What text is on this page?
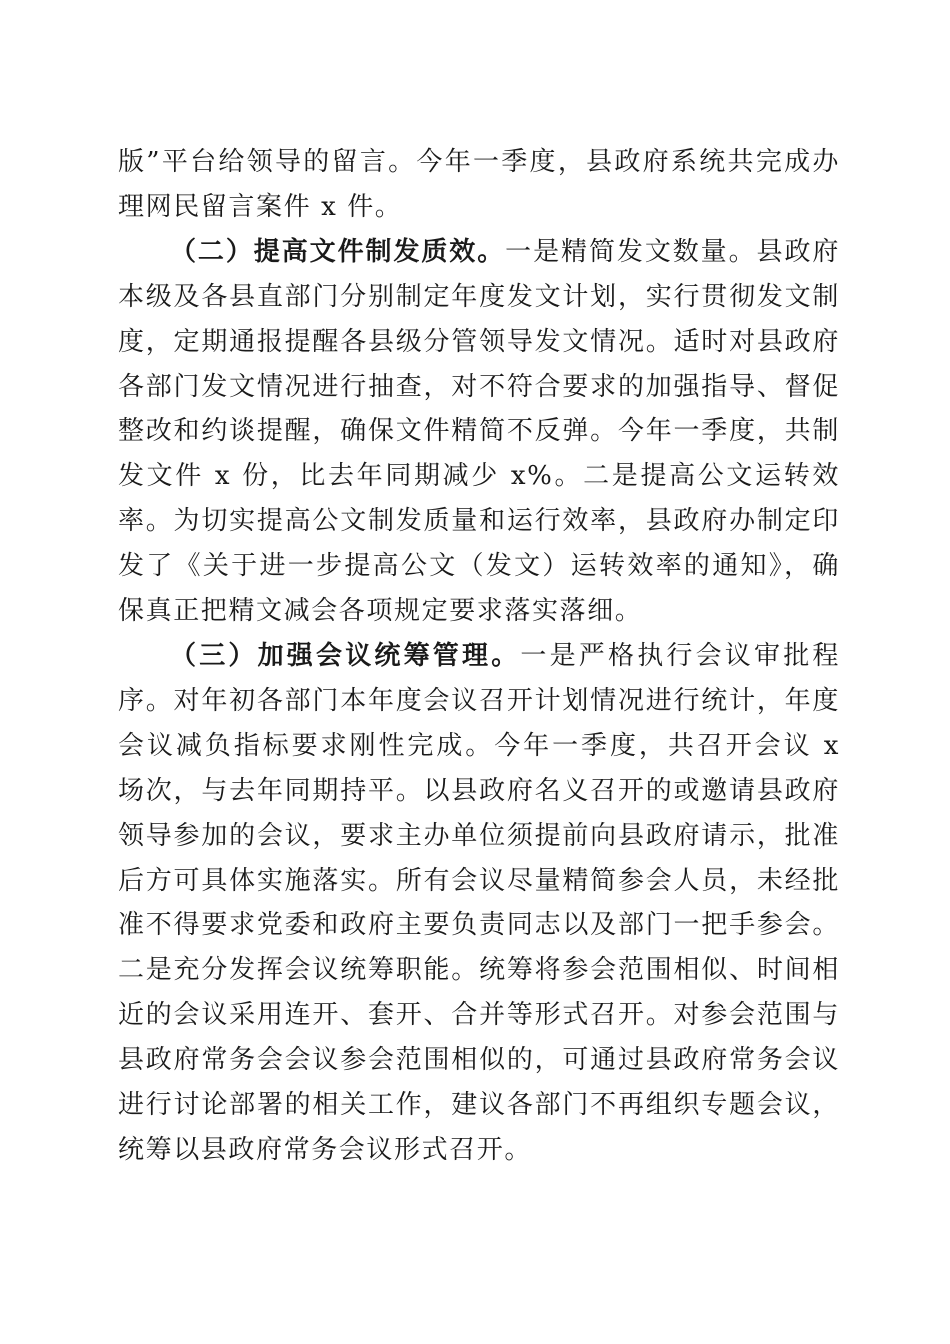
版”平台给领导的留言。今年一季度，县政府系统共完成办理网民留言案件 x 件。

（二）提高文件制发质效。一是精简发文数量。县政府本级及各县直部门分别制定年度发文计划，实行贯彻发文制度，定期通报提醒各县级分管领导发文情况。适时对县政府各部门发文情况进行抽查，对不符合要求的加强指导、督促整改和约谈提醒，确保文件精简不反弹。今年一季度，共制发文件 x 份，比去年同期减少 x%。二是提高公文运转效率。为切实提高公文制发质量和运行效率，县政府办制定印发了《关于进一步提高公文（发文）运转效率的通知》，确保真正把精文减会各项规定要求落实落细。

（三）加强会议统筹管理。一是严格执行会议审批程序。对年初各部门本年度会议召开计划情况进行统计，年度会议减负指标要求刚性完成。今年一季度，共召开会议 x 场次，与去年同期持平。以县政府名义召开的或邀请县政府领导参加的会议，要求主办单位须提前向县政府请示，批准后方可具体实施落实。所有会议尽量精简参会人员，未经批准不得要求党委和政府主要负责同志以及部门一把手参会。二是充分发挥会议统筹职能。统筹将参会范围相似、时间相近的会议采用连开、套开、合并等形式召开。对参会范围与县政府常务会会议参会范围相似的，可通过县政府常务会议进行讨论部署的相关工作，建议各部门不再组织专题会议，统筹以县政府常务会议形式召开。
